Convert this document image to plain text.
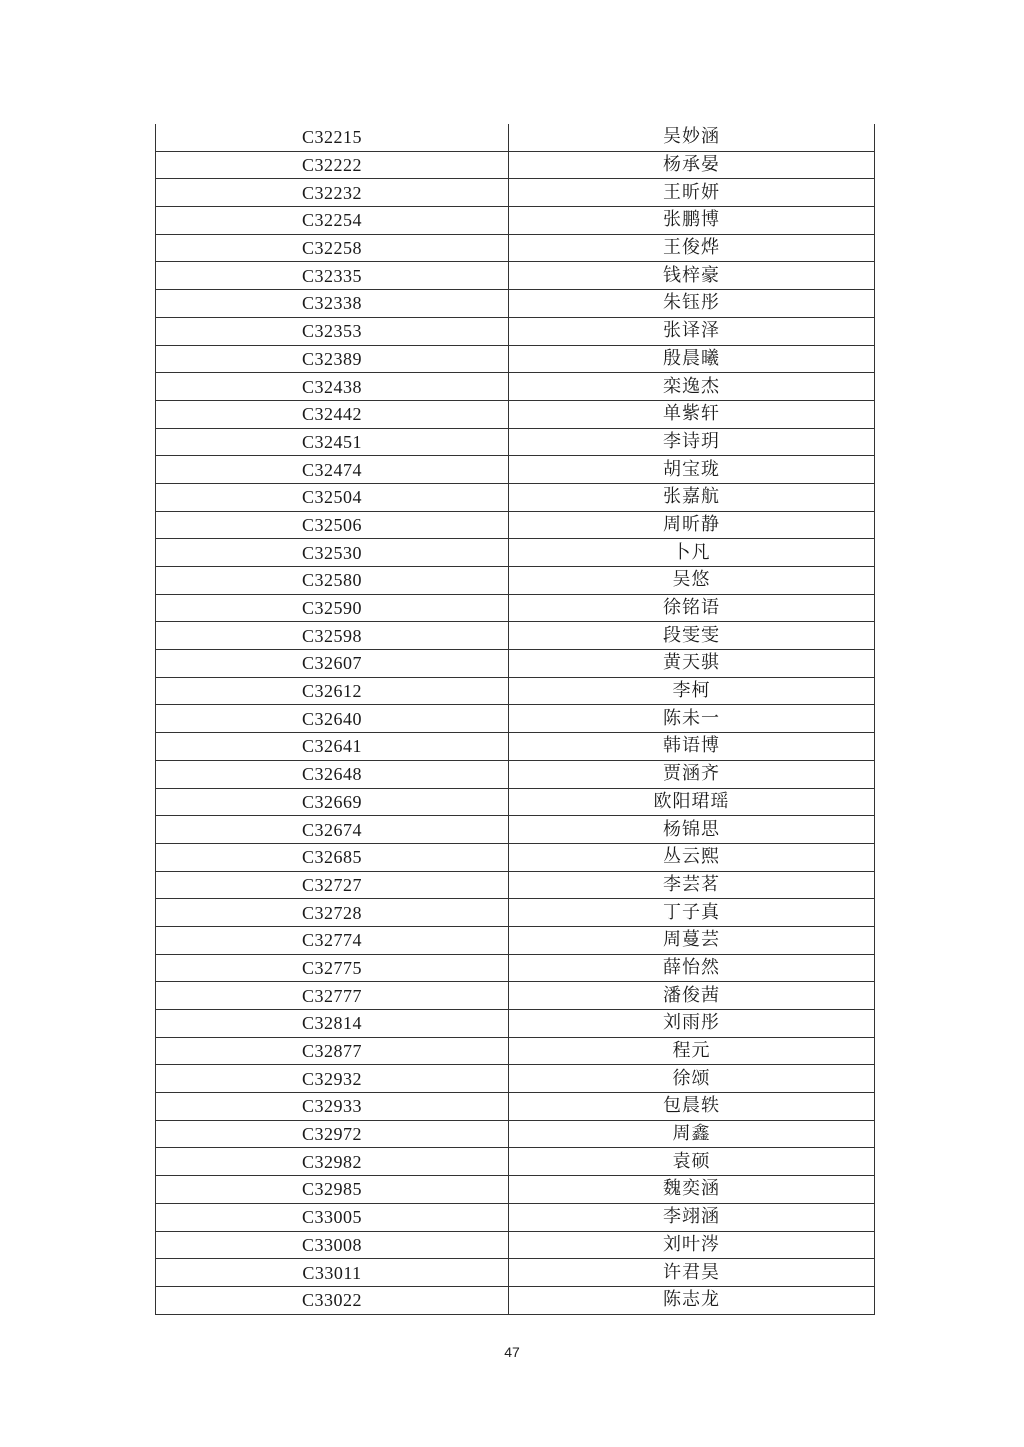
C32215	吴妙涵
C32222	杨承晏
C32232	王昕妍
C32254	张鹏博
C32258	王俊烨
C32335	钱梓豪
C32338	朱钰彤
C32353	张译泽
C32389	殷晨曦
C32438	栾逸杰
C32442	单紫轩
C32451	李诗玥
C32474	胡宝珑
C32504	张嘉航
C32506	周昕静
C32530	卜凡
C32580	吴悠
C32590	徐铭语
C32598	段雯雯
C32607	黄天骐
C32612	李柯
C32640	陈未一
C32641	韩语博
C32648	贾涵齐
C32669	欧阳珺瑶
C32674	杨锦思
C32685	丛云熙
C32727	李芸茗
C32728	丁子真
C32774	周蔓芸
C32775	薛怡然
C32777	潘俊茜
C32814	刘雨彤
C32877	程元
C32932	徐颂
C32933	包晨轶
C32972	周鑫
C32982	袁硕
C32985	魏奕涵
C33005	李翊涵
C33008	刘叶涔
C33011	许君昊
C33022	陈志龙
47
